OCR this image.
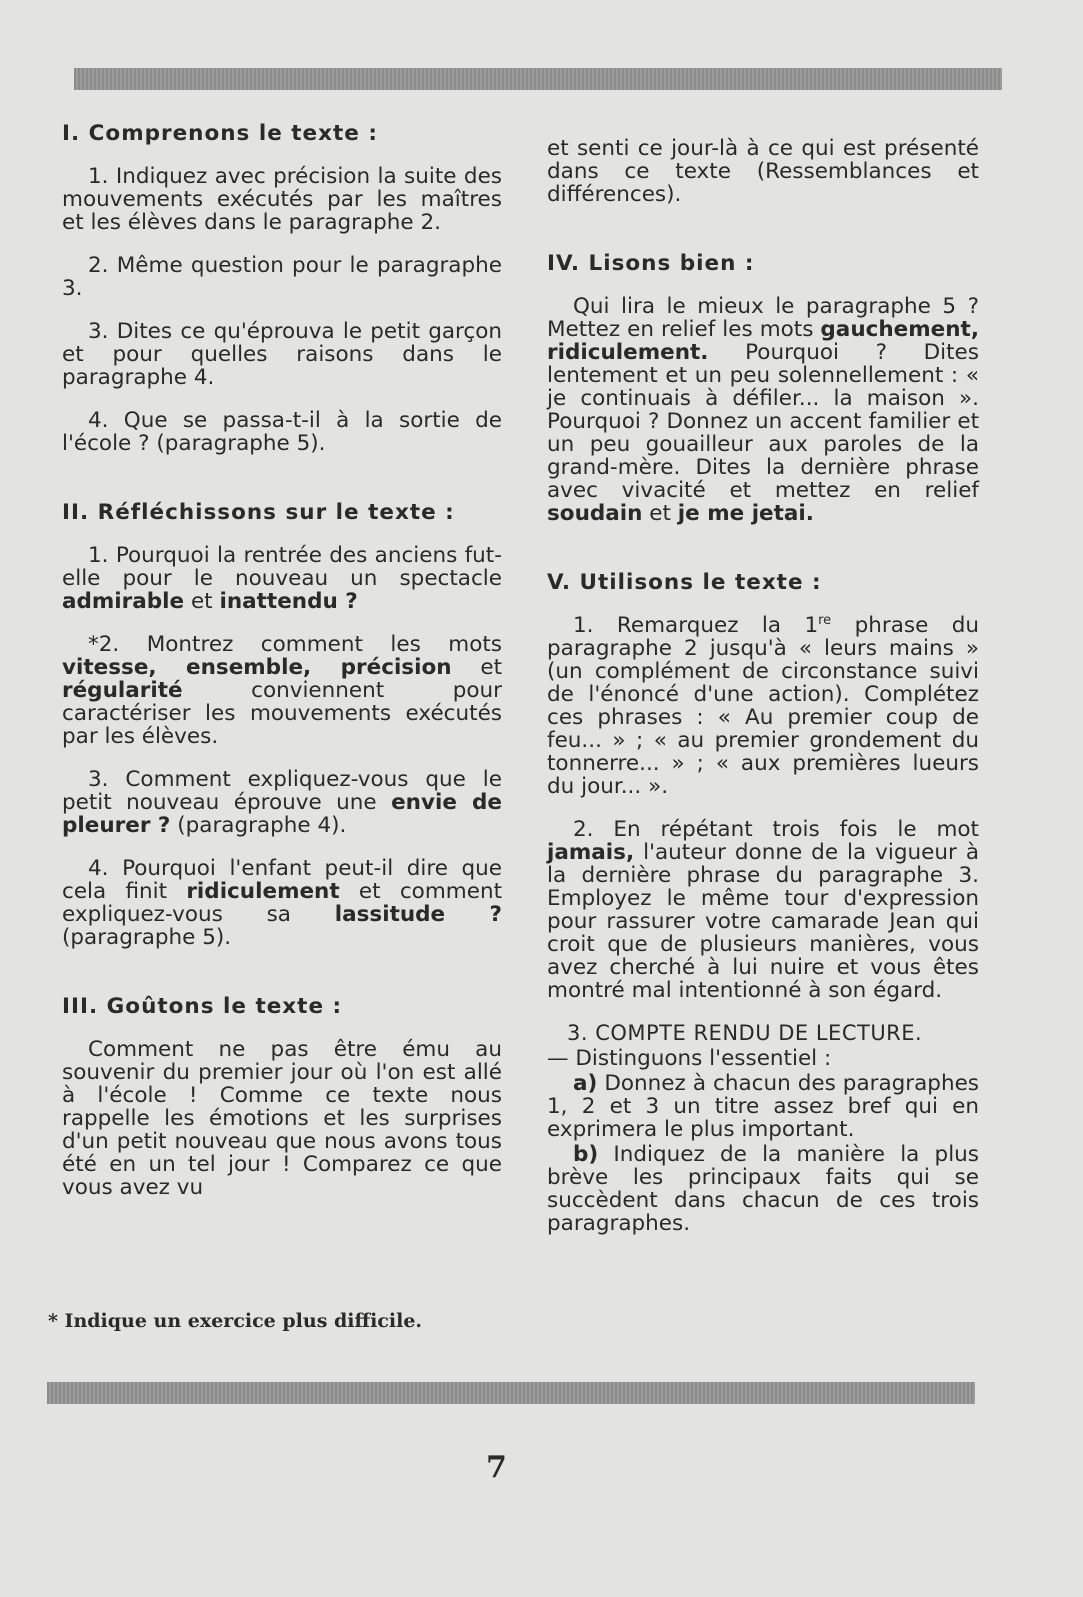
I. Comprenons le texte :

1. Indiquez avec précision la suite des mouvements exécutés par les maîtres et les élèves dans le paragraphe 2.

2. Même question pour le paragraphe 3.

3. Dites ce qu'éprouva le petit garçon et pour quelles raisons dans le paragraphe 4.

4. Que se passa-t-il à la sortie de l'école ? (paragraphe 5).

II. Réfléchissons sur le texte :

1. Pourquoi la rentrée des anciens fut-elle pour le nouveau un spectacle admirable et inattendu ?

*2. Montrez comment les mots vitesse, ensemble, précision et régularité conviennent pour caractériser les mouvements exécutés par les élèves.

3. Comment expliquez-vous que le petit nouveau éprouve une envie de pleurer ? (paragraphe 4).

4. Pourquoi l'enfant peut-il dire que cela finit ridiculement et comment expliquez-vous sa lassitude ? (paragraphe 5).

III. Goûtons le texte :

Comment ne pas être ému au souvenir du premier jour où l'on est allé à l'école ! Comme ce texte nous rappelle les émotions et les surprises d'un petit nouveau que nous avons tous été en un tel jour ! Comparez ce que vous avez vu

et senti ce jour-là à ce qui est présenté dans ce texte (Ressemblances et différences).

IV. Lisons bien :

Qui lira le mieux le paragraphe 5 ? Mettez en relief les mots gauchement, ridiculement. Pourquoi ? Dites lentement et un peu solennellement : « je continuais à défiler... la maison ». Pourquoi ? Donnez un accent familier et un peu gouailleur aux paroles de la grand-mère. Dites la dernière phrase avec vivacité et mettez en relief soudain et je me jetai.

V. Utilisons le texte :

1. Remarquez la 1re phrase du paragraphe 2 jusqu'à « leurs mains » (un complément de circonstance suivi de l'énoncé d'une action). Complétez ces phrases : « Au premier coup de feu... » ; « au premier grondement du tonnerre... » ; « aux premières lueurs du jour... ».

2. En répétant trois fois le mot jamais, l'auteur donne de la vigueur à la dernière phrase du paragraphe 3. Employez le même tour d'expression pour rassurer votre camarade Jean qui croit que de plusieurs manières, vous avez cherché à lui nuire et vous êtes montré mal intentionné à son égard.

3. COMPTE RENDU DE LECTURE.

— Distinguons l'essentiel :

a) Donnez à chacun des paragraphes 1, 2 et 3 un titre assez bref qui en exprimera le plus important.

b) Indiquez de la manière la plus brève les principaux faits qui se succèdent dans chacun de ces trois paragraphes.

* Indique un exercice plus difficile.
7
